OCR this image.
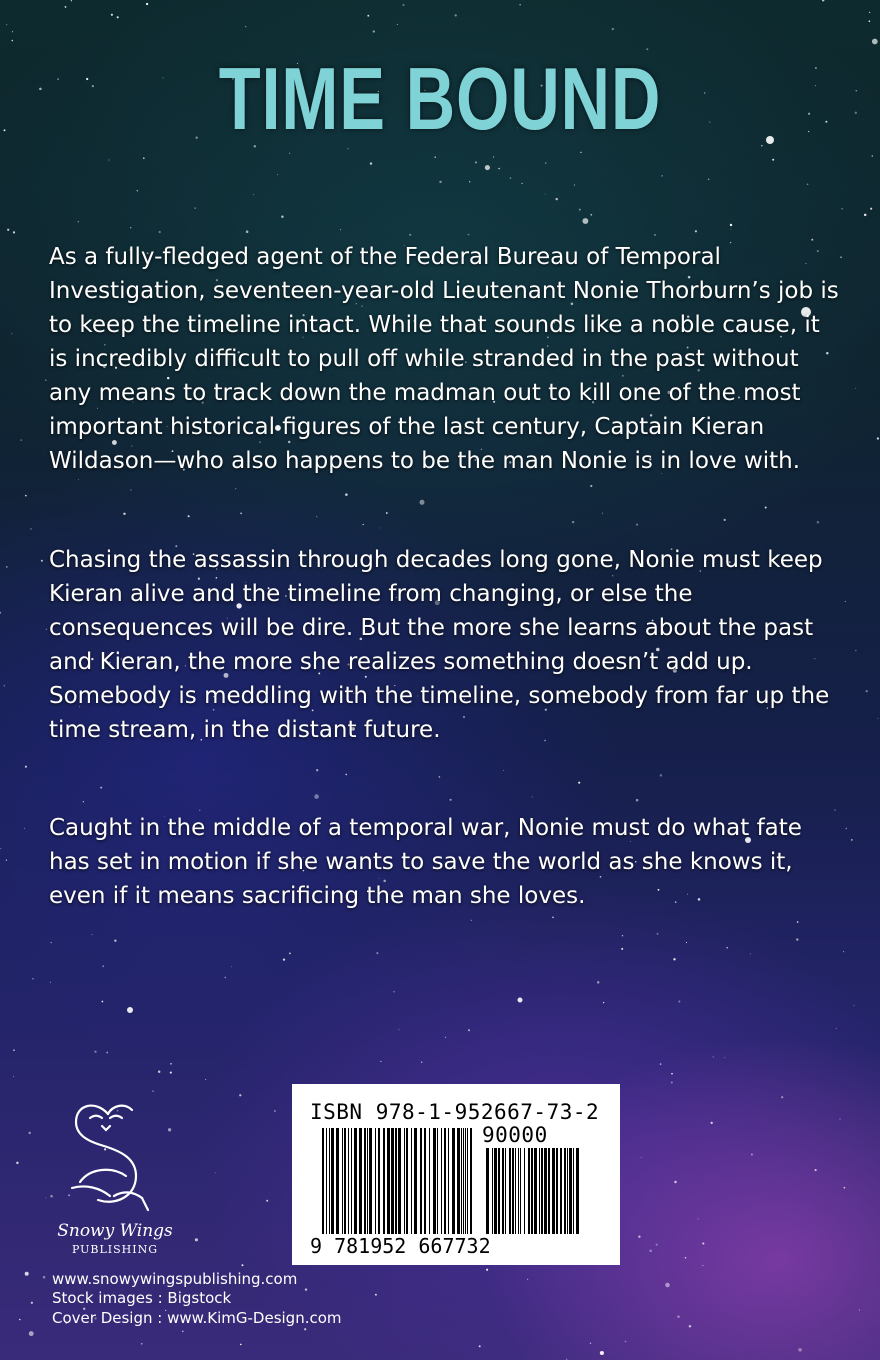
TIME BOUND

As a fully-fledged agent of the Federal Bureau of Temporal Investigation, seventeen-year-old Lieutenant Nonie Thorburn’s job is to keep the timeline intact. While that sounds like a noble cause, it is incredibly difficult to pull off while stranded in the past without any means to track down the madman out to kill one of the most important historical figures of the last century, Captain Kieran Wildason—who also happens to be the man Nonie is in love with.

Chasing the assassin through decades long gone, Nonie must keep Kieran alive and the timeline from changing, or else the consequences will be dire. But the more she learns about the past and Kieran, the more she realizes something doesn’t add up. Somebody is meddling with the timeline, somebody from far up the time stream, in the distant future.

Caught in the middle of a temporal war, Nonie must do what fate has set in motion if she wants to save the world as she knows it, even if it means sacrificing the man she loves.

ISBN 978-1-952667-73-2
90000
9 781952 667732
Snowy Wings
PUBLISHING
www.snowywingspublishing.com
Stock images : Bigstock
Cover Design : www.KimG-Design.com
